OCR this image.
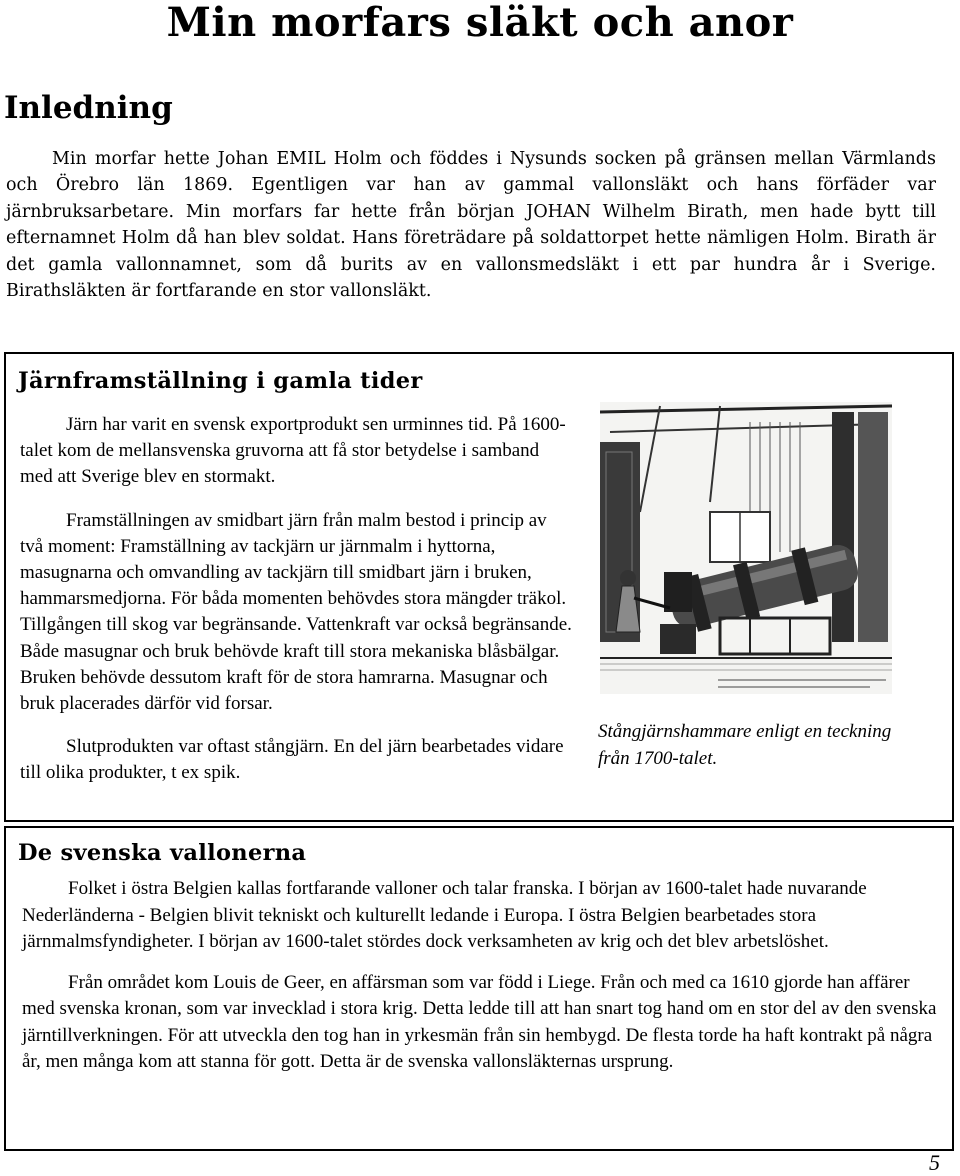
Min morfars släkt och anor
Inledning

Min morfar hette Johan EMIL Holm och föddes i Nysunds socken på gränsen mellan Värmlands och Örebro län 1869. Egentligen var han av gammal vallonsläkt och hans förfäder var järnbruksarbetare. Min morfars far hette från början JOHAN Wilhelm Birath, men hade bytt till efternamnet Holm då han blev soldat. Hans företrädare på soldattorpet hette nämligen Holm. Birath är det gamla vallonnamnet, som då burits av en vallonsmedsläkt i ett par hundra år i Sverige. Birathsläkten är fortfarande en stor vallonsläkt.

Järnframställning i gamla tider

Järn har varit en svensk exportprodukt sen urminnes tid. På 1600-talet kom de mellansvenska gruvorna att få stor betydelse i samband med att Sverige blev en stormakt.

Framställningen av smidbart järn från malm bestod i princip av två moment: Framställning av tackjärn ur järnmalm i hyttorna, masugnarna och omvandling av tackjärn till smidbart järn i bruken, hammarsmedjorna. För båda momenten behövdes stora mängder träkol. Tillgången till skog var begränsande. Vattenkraft var också begränsande. Både masugnar och bruk behövde kraft till stora mekaniska blåsbälgar. Bruken behövde dessutom kraft för de stora hamrarna. Masugnar och bruk placerades därför vid forsar.

Slutprodukten var oftast stångjärn. En del järn bearbetades vidare till olika produkter, t ex spik.

Stångjärnshammare enligt en teckning från 1700-talet.
De svenska vallonerna

Folket i östra Belgien kallas fortfarande valloner och talar franska. I början av 1600-talet hade nuvarande Nederländerna - Belgien blivit tekniskt och kulturellt ledande i Europa. I östra Belgien bearbetades stora järnmalmsfyndigheter. I början av 1600-talet stördes dock verksamheten av krig och det blev arbetslöshet.

Från området kom Louis de Geer, en affärsman som var född i Liege. Från och med ca 1610 gjorde han affärer med svenska kronan, som var invecklad i stora krig. Detta ledde till att han snart tog hand om en stor del av den svenska järntillverkningen. För att utveckla den tog han in yrkesmän från sin hembygd. De flesta torde ha haft kontrakt på några år, men många kom att stanna för gott. Detta är de svenska vallonsläkternas ursprung.

5
